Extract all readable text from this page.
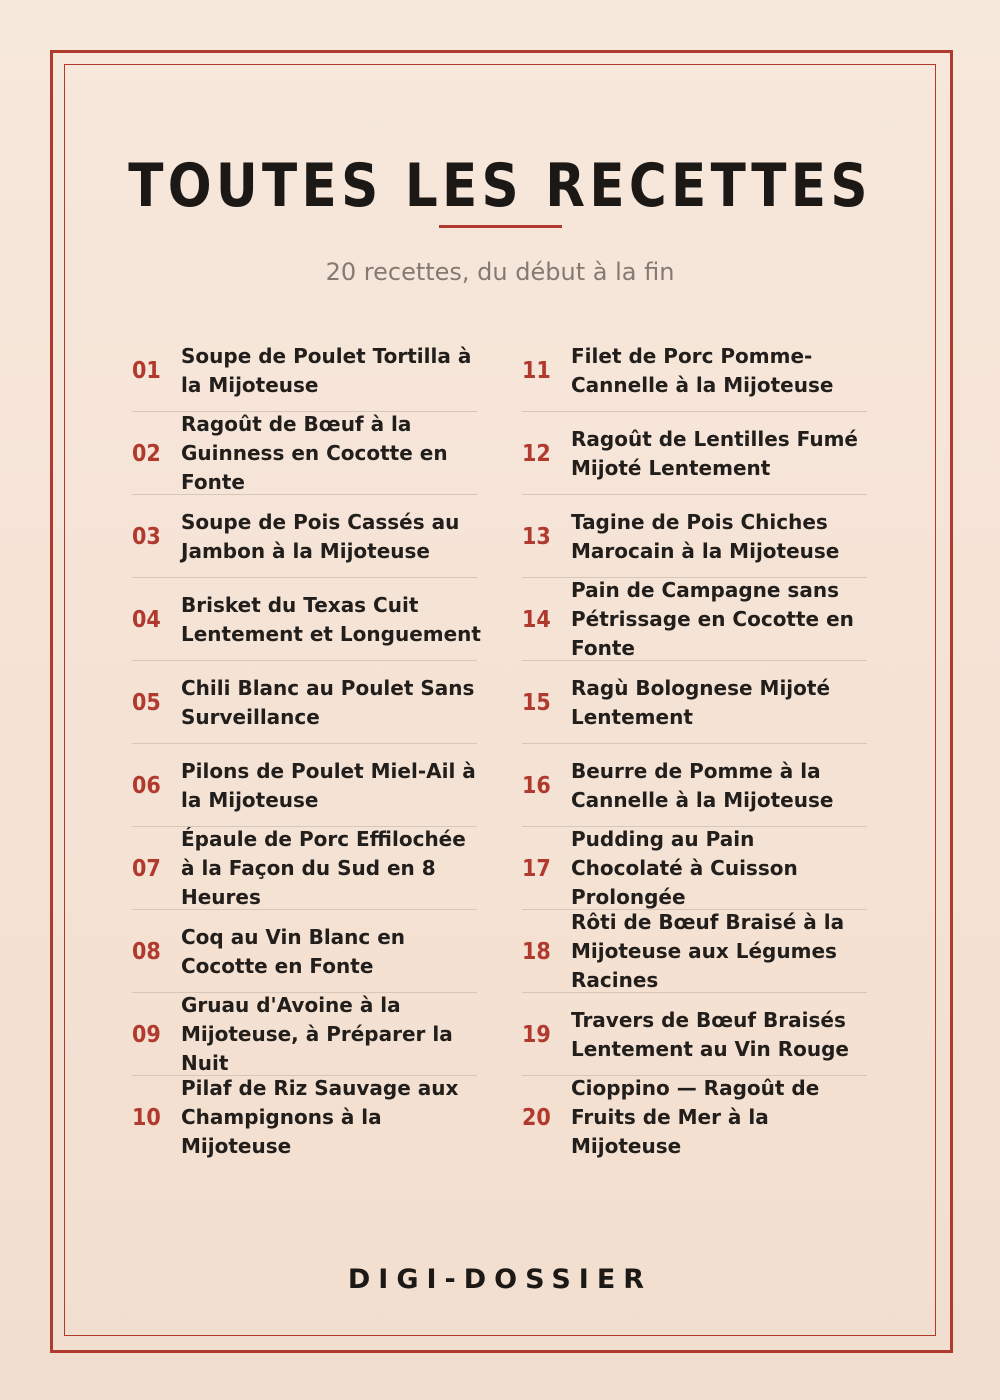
TOUTES LES RECETTES
20 recettes, du début à la fin
01
Soupe de Poulet Tortilla à la Mijoteuse
02
Ragoût de Bœuf à la Guinness en Cocotte en Fonte
03
Soupe de Pois Cassés au Jambon à la Mijoteuse
04
Brisket du Texas Cuit Lentement et Longuement
05
Chili Blanc au Poulet Sans Surveillance
06
Pilons de Poulet Miel-Ail à la Mijoteuse
07
Épaule de Porc Effilochée à la Façon du Sud en 8 Heures
08
Coq au Vin Blanc en Cocotte en Fonte
09
Gruau d'Avoine à la Mijoteuse, à Préparer la Nuit
10
Pilaf de Riz Sauvage aux Champignons à la Mijoteuse
11
Filet de Porc Pomme-Cannelle à la Mijoteuse
12
Ragoût de Lentilles Fumé Mijoté Lentement
13
Tagine de Pois Chiches Marocain à la Mijoteuse
14
Pain de Campagne sans Pétrissage en Cocotte en Fonte
15
Ragù Bolognese Mijoté Lentement
16
Beurre de Pomme à la Cannelle à la Mijoteuse
17
Pudding au Pain Chocolaté à Cuisson Prolongée
18
Rôti de Bœuf Braisé à la Mijoteuse aux Légumes Racines
19
Travers de Bœuf Braisés Lentement au Vin Rouge
20
Cioppino — Ragoût de Fruits de Mer à la Mijoteuse
DIGI-DOSSIER
